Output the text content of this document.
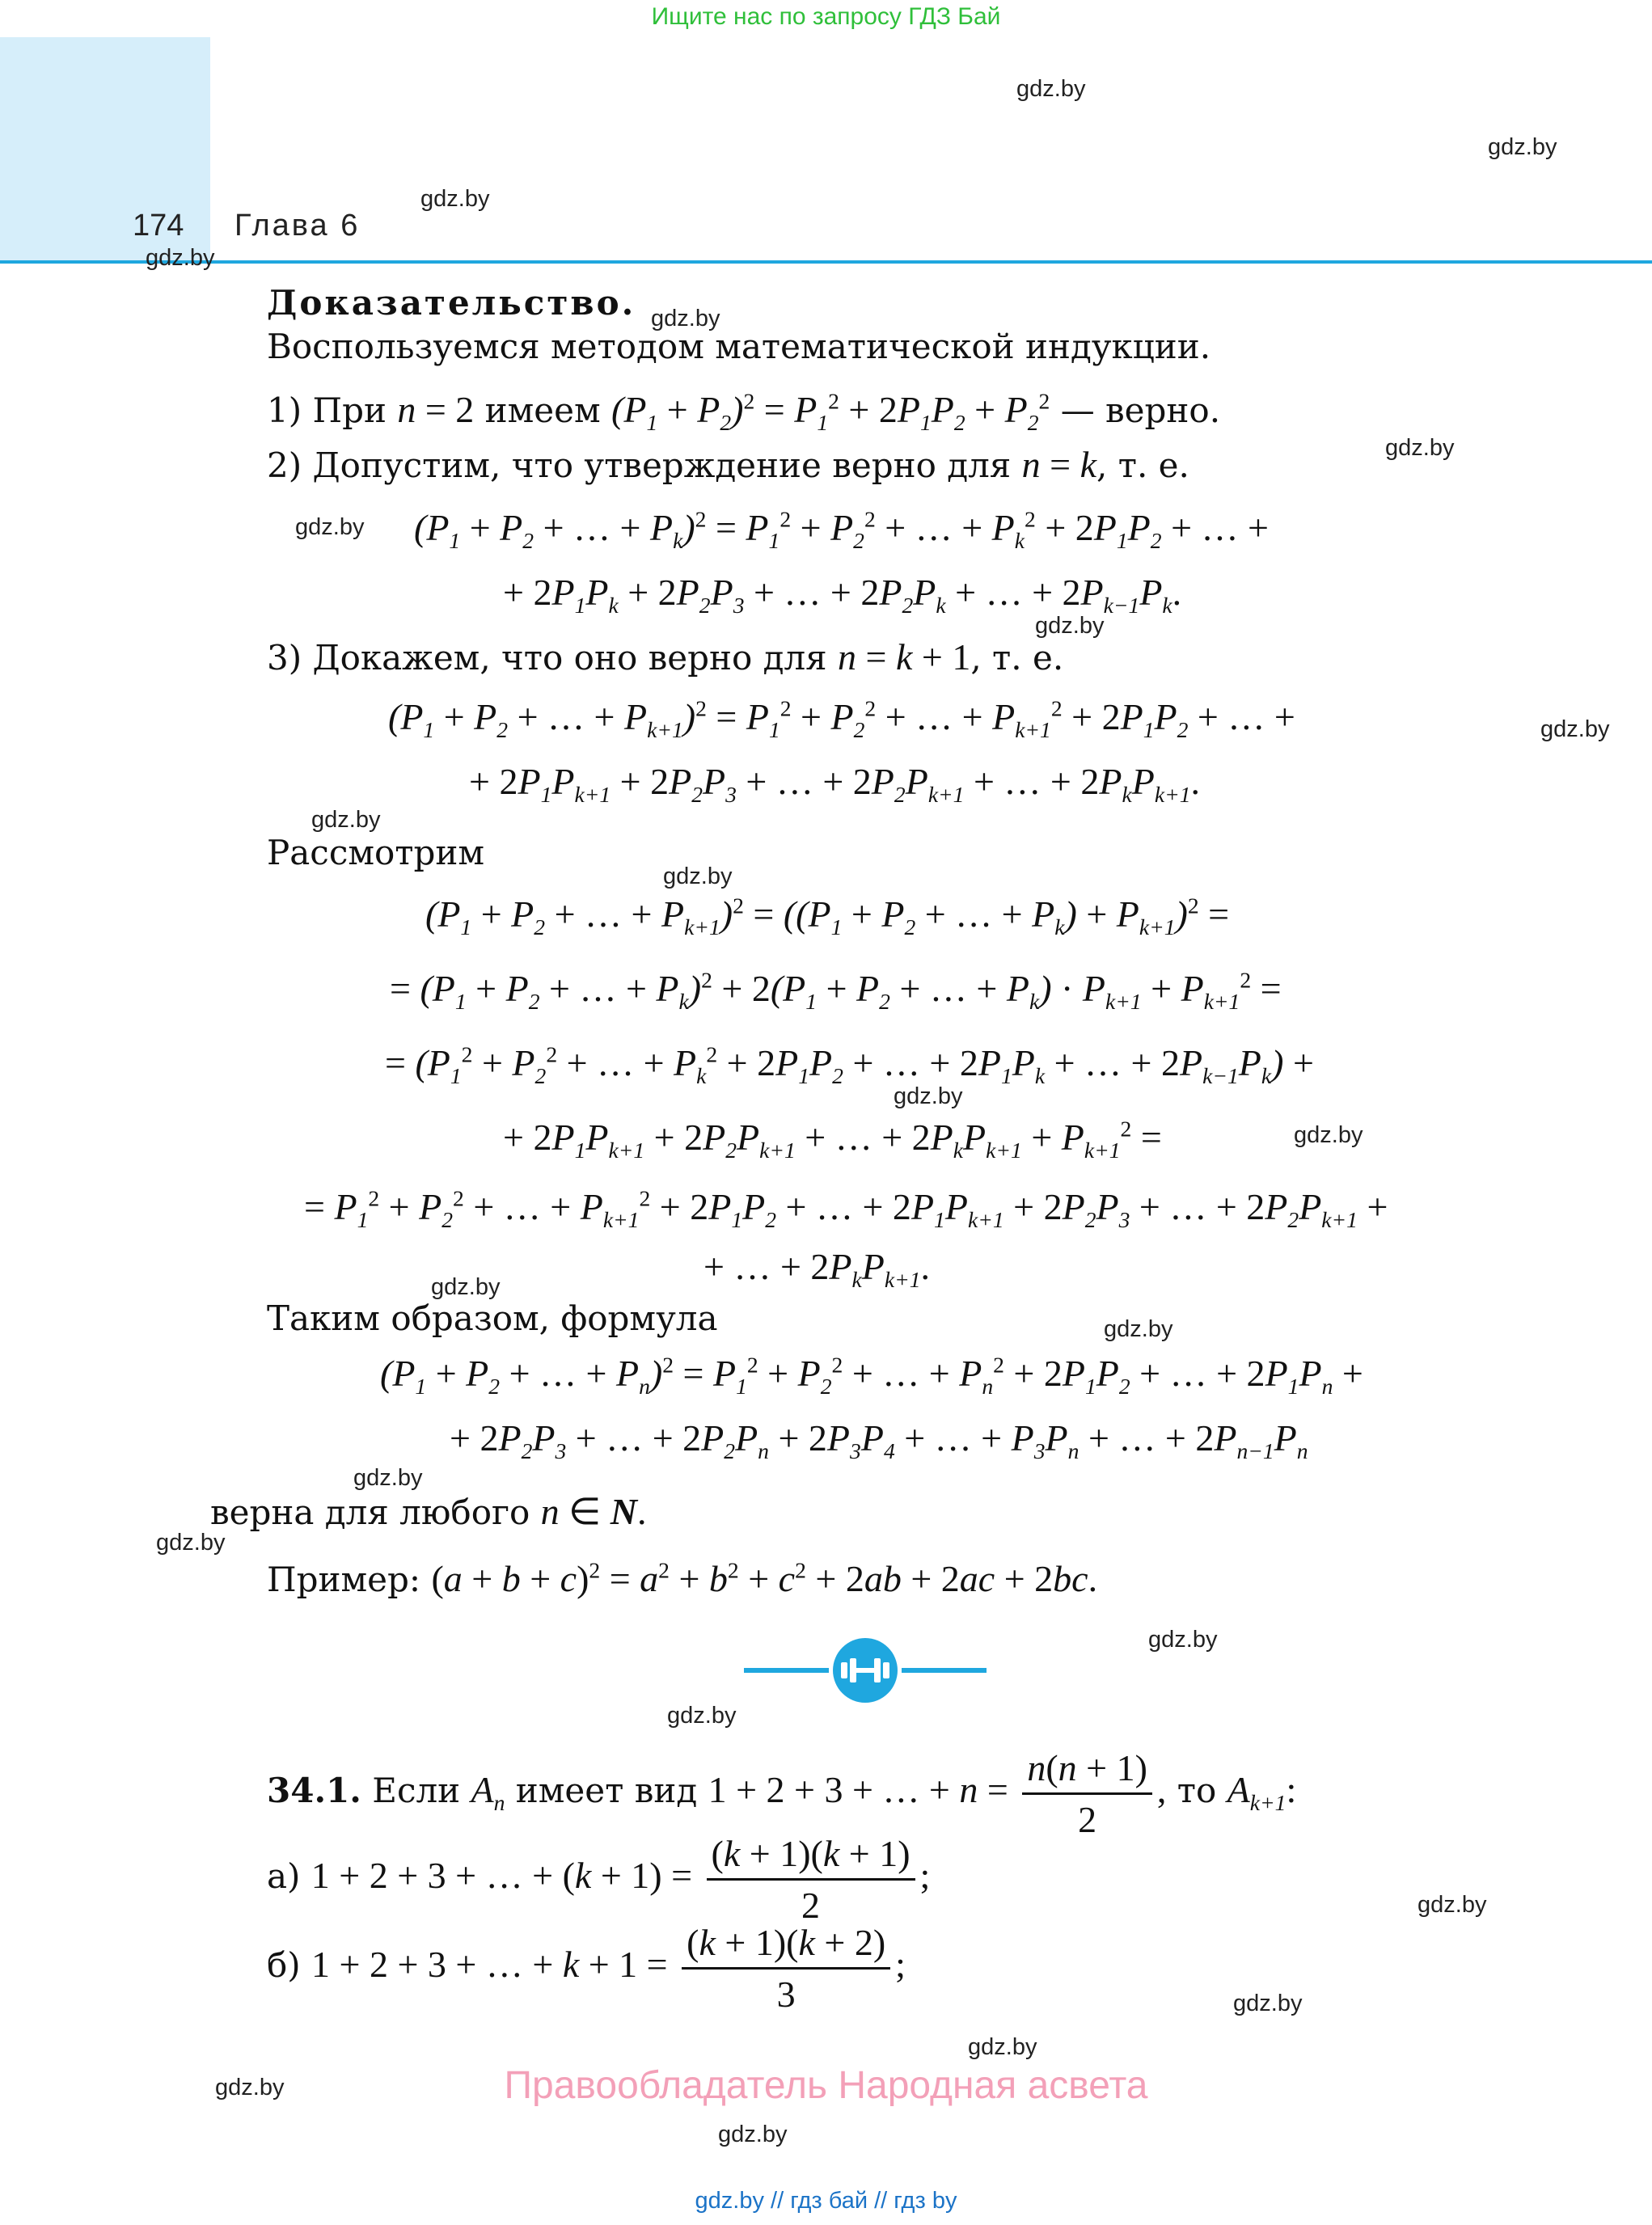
Ищите нас по запросу ГДЗ Бай
174 Глава 6
gdz.by
gdz.by
gdz.by
gdz.by
gdz.by
gdz.by
gdz.by
gdz.by
gdz.by
gdz.by
gdz.by
gdz.by
gdz.by
gdz.by
gdz.by
gdz.by
gdz.by
gdz.by
gdz.by
gdz.by
gdz.by
gdz.by
gdz.by
gdz.by
Доказательство.
Воспользуемся методом математической индукции.
1) При n = 2 имеем $(P_1 + P_2)^2 = P_1^2 + 2P_1P_2 + P_2^2$ — верно.
2) Допустим, что утверждение верно для n = k, т. е.
($P_1 + P_2$ + … + $P_k)^2 = P_1^2 + P_2^2$ + … + $P_k^2 + 2P_1P_2$ + … +
+ $2P_1P_k + 2P_2P_3$ + … + $2P_2P_k$ + … + $2P_{k-1}P_k$.
3) Докажем, что оно верно для n = k + 1, т. е.
($P_1 + P_2$ + … + $P_{k+1})^2 = P_1^2 + P_2^2$ + … + $P_{k+1}^2 + 2P_1P_2$ + … +
+ $2P_1P_{k+1} + 2P_2P_3$ + … + $2P_2P_{k+1}$ + … + $2P_kP_{k+1}$.
Рассмотрим
($P_1 + P_2$ + … + $P_{k+1})^2 = ((P_1 + P_2$ + … + $P_k) + P_{k+1})^2$ =
= ($P_1 + P_2$ + … + $P_k)^2 + 2(P_1 + P_2$ + … + $P_k) \cdot P_{k+1} + P_{k+1}^2$ =
= ($P_1^2 + P_2^2$ + … + $P_k^2 + 2P_1P_2$ + … + $2P_1P_k$ + … + $2P_{k-1}P_k$) +
+ $2P_1P_{k+1} + 2P_2P_{k+1}$ + … + $2P_kP_{k+1} + P_{k+1}^2$ =
= $P_1^2 + P_2^2$ + … + $P_{k+1}^2 + 2P_1P_2$ + … + $2P_1P_{k+1} + 2P_2P_3$ + … + $2P_2P_{k+1}$ +
+ … + $2P_kP_{k+1}$.
Таким образом, формула
($P_1 + P_2$ + … + $P_n)^2 = P_1^2 + P_2^2$ + … + $P_n^2 + 2P_1P_2$ + … + $2P_1P_n$ +
+ $2P_2P_3$ + … + $2P_2P_n + 2P_3P_4$ + … + $P_3P_n$ + … + $2P_{n-1}P_n$
верна для любого n ∈ N.
Пример: $(a + b + c)^2 = a^2 + b^2 + c^2 + 2ab + 2ac + 2bc$.
34.1. Если $A_n$ имеет вид 1 + 2 + 3 + … + $n = \frac{n(n + 1)}{2}$ , то $A_{k+1}$:
а) 1 + 2 + 3 + … + $(k + 1) = \frac{(k + 1)(k + 1)}{2}$ ;
б) 1 + 2 + 3 + … + $k + 1 = \frac{(k + 1)(k + 2)}{3}$ ;
Правообладатель Народная асвета
gdz.by // гдз бай // гдз by
